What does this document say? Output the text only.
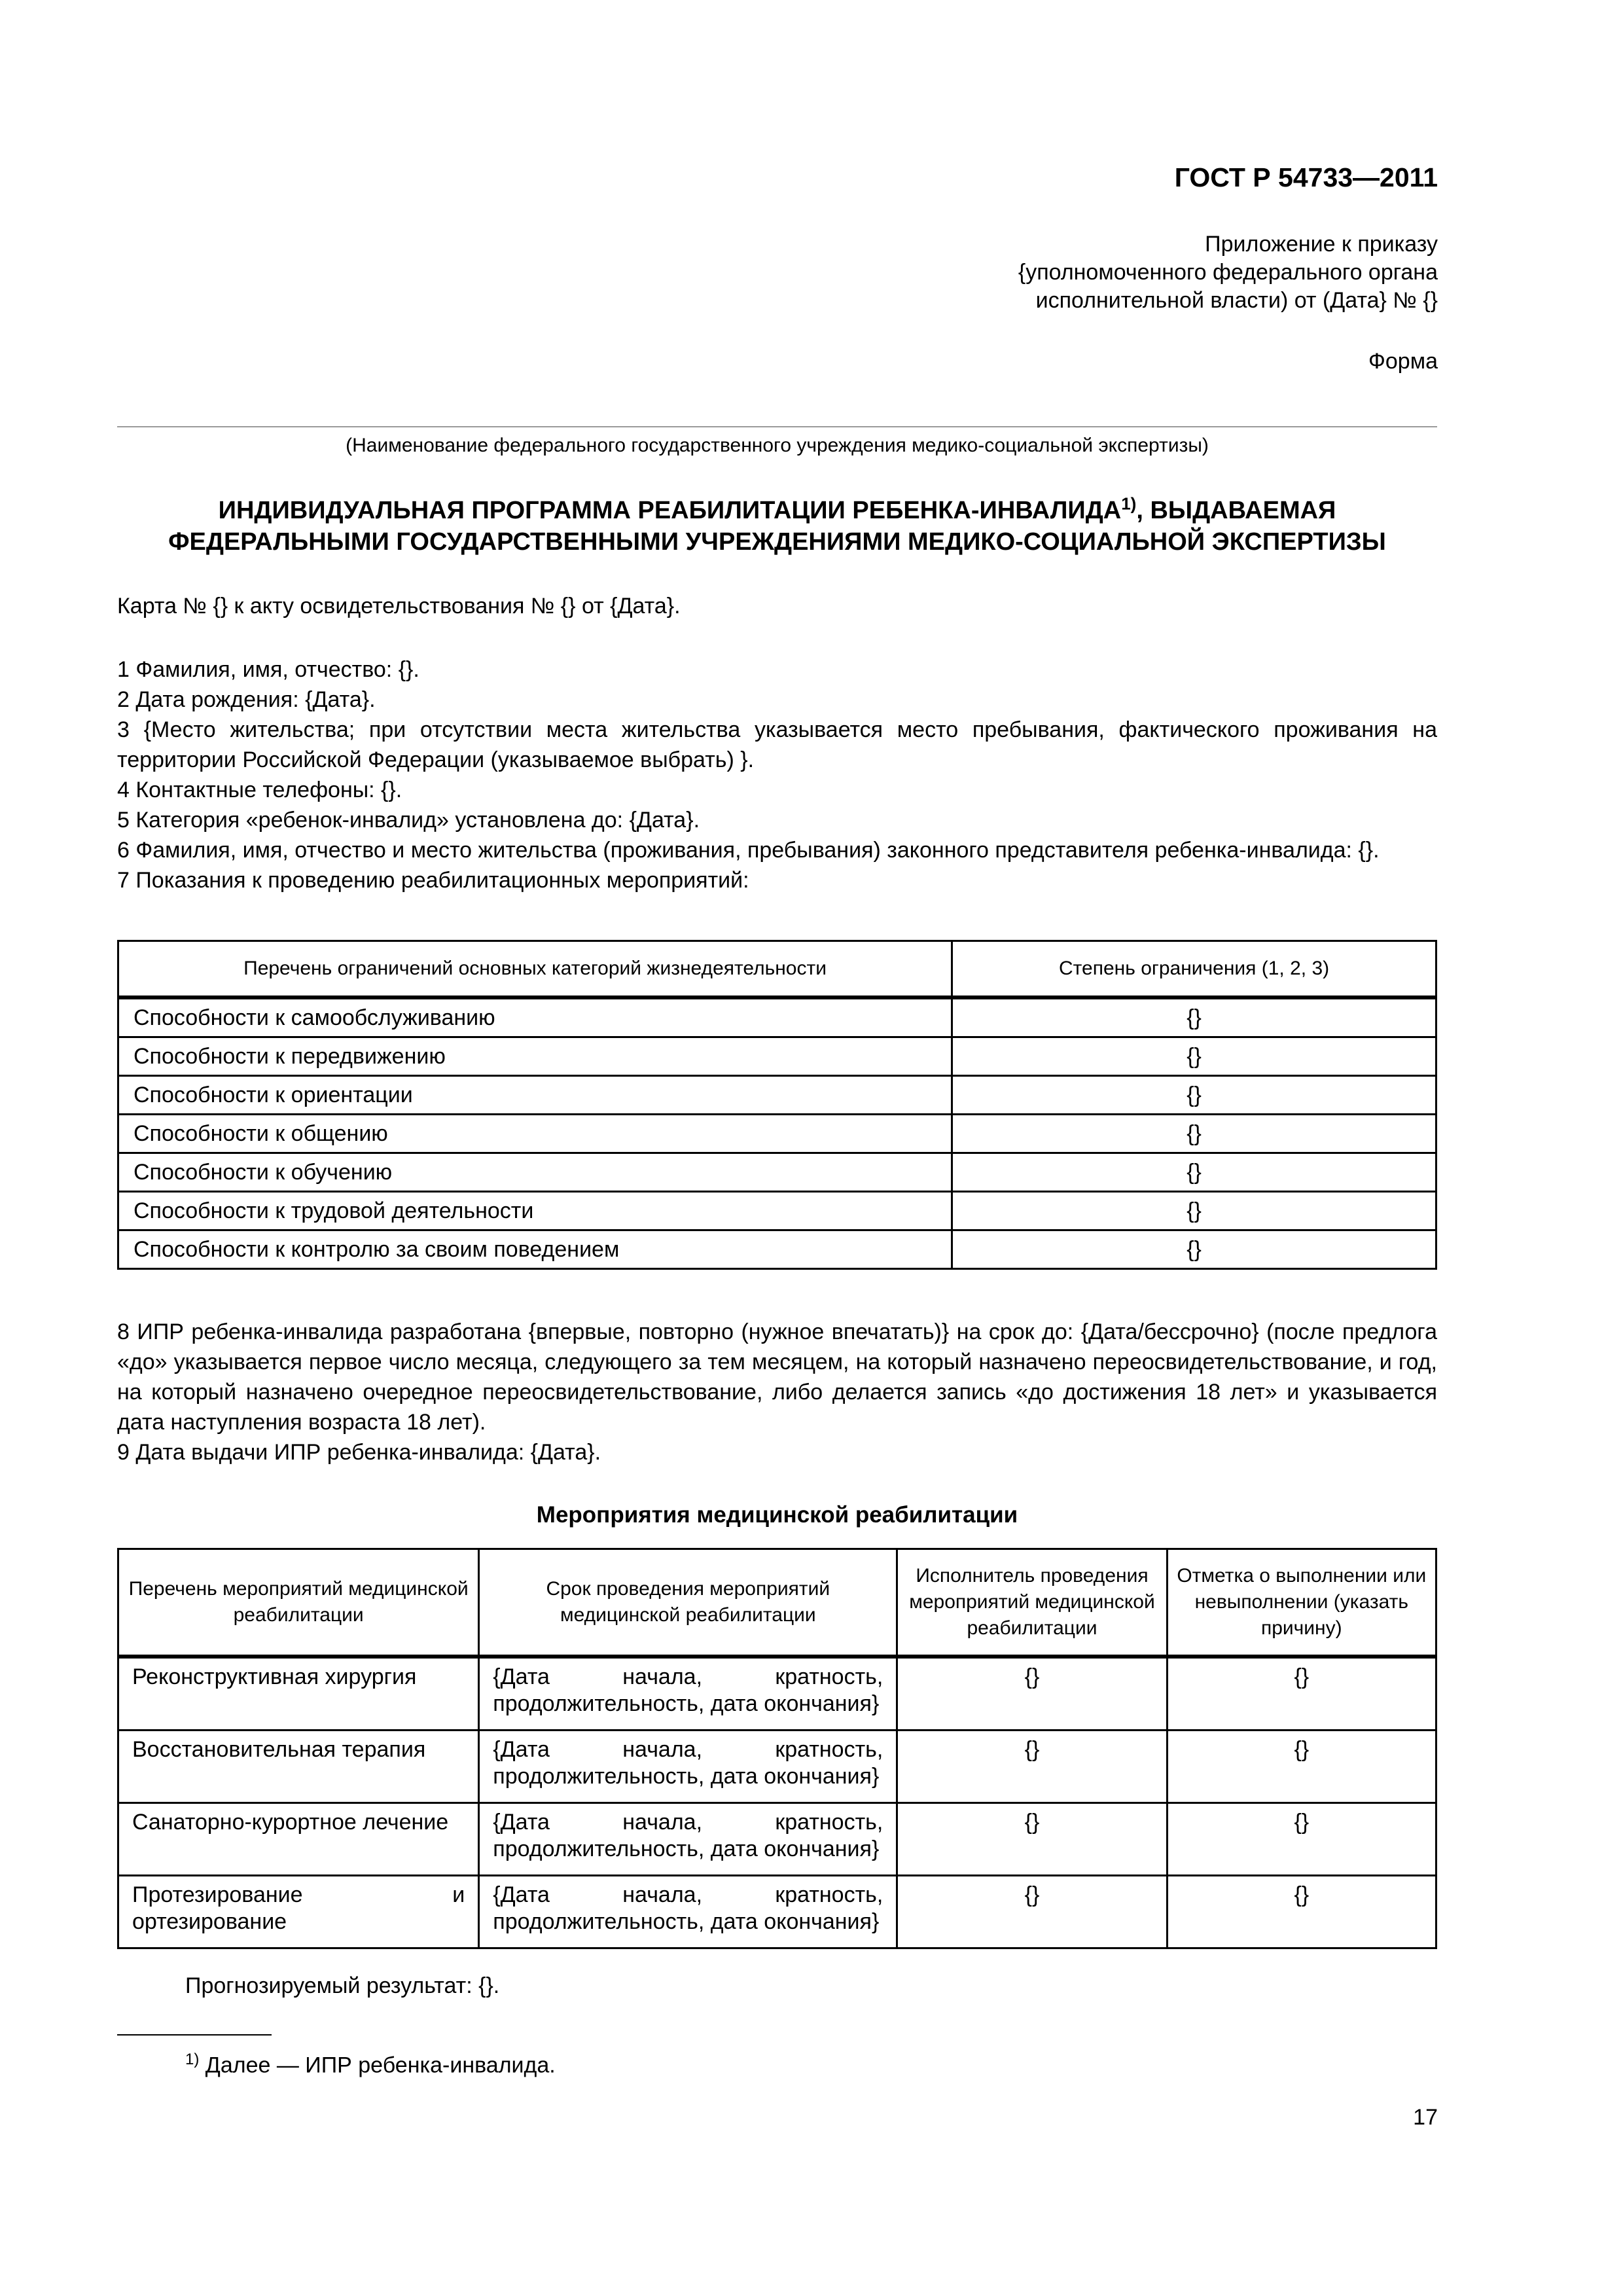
ГОСТ Р 54733—2011
Приложение к приказу
{уполномоченного федерального органа
исполнительной власти) от (Дата} № {}
Форма
(Наименование федерального государственного учреждения медико-социальной экспертизы)
ИНДИВИДУАЛЬНАЯ ПРОГРАММА РЕАБИЛИТАЦИИ РЕБЕНКА-ИНВАЛИДА$^{1)}$, ВЫДАВАЕМАЯ
ФЕДЕРАЛЬНЫМИ ГОСУДАРСТВЕННЫМИ УЧРЕЖДЕНИЯМИ МЕДИКО-СОЦИАЛЬНОЙ ЭКСПЕРТИЗЫ
Карта № {} к акту освидетельствования № {} от {Дата}.

1 Фамилия, имя, отчество: {}.

2 Дата рождения: {Дата}.

3 {Место жительства; при отсутствии места жительства указывается место пребывания, фактического проживания на территории Российской Федерации (указываемое выбрать) }.

4 Контактные телефоны: {}.

5 Категория «ребенок-инвалид» установлена до: {Дата}.

6 Фамилия, имя, отчество и место жительства (проживания, пребывания) законного представителя ребенка-инвалида: {}.

7 Показания к проведению реабилитационных мероприятий:

Перечень ограничений основных категорий жизнедеятельности	Степень ограничения (1, 2, 3)
Способности к самообслуживанию	{}
Способности к передвижению	{}
Способности к ориентации	{}
Способности к общению	{}
Способности к обучению	{}
Способности к трудовой деятельности	{}
Способности к контролю за своим поведением	{}

8 ИПР ребенка-инвалида разработана {впервые, повторно (нужное впечатать)} на срок до: {Дата/бессрочно} (после предлога «до» указывается первое число месяца, следующего за тем месяцем, на который назначено переосвидетельствование, и год, на который назначено очередное переосвидетельствование, либо делается запись «до достижения 18 лет» и указывается дата наступления возраста 18 лет).

9 Дата выдачи ИПР ребенка-инвалида: {Дата}.

Мероприятия медицинской реабилитации
Перечень мероприятий медицинской реабилитации	Срок проведения мероприятий медицинской реабилитации	Исполнитель проведения мероприятий медицинской реабилитации	Отметка о выполнении или невыполнении (указать причину)
Реконструктивная хирургия	{Дата начала, кратность, продолжительность, дата окончания}	{}	{}
Восстановительная терапия	{Дата начала, кратность, продолжительность, дата окончания}	{}	{}
Санаторно-курортное лечение	{Дата начала, кратность, продолжительность, дата окончания}	{}	{}
Протезирование и ортезирование	{Дата начала, кратность, продолжительность, дата окончания}	{}	{}
Прогнозируемый результат: {}.
$^{1)}$ Далее — ИПР ребенка-инвалида.
17
